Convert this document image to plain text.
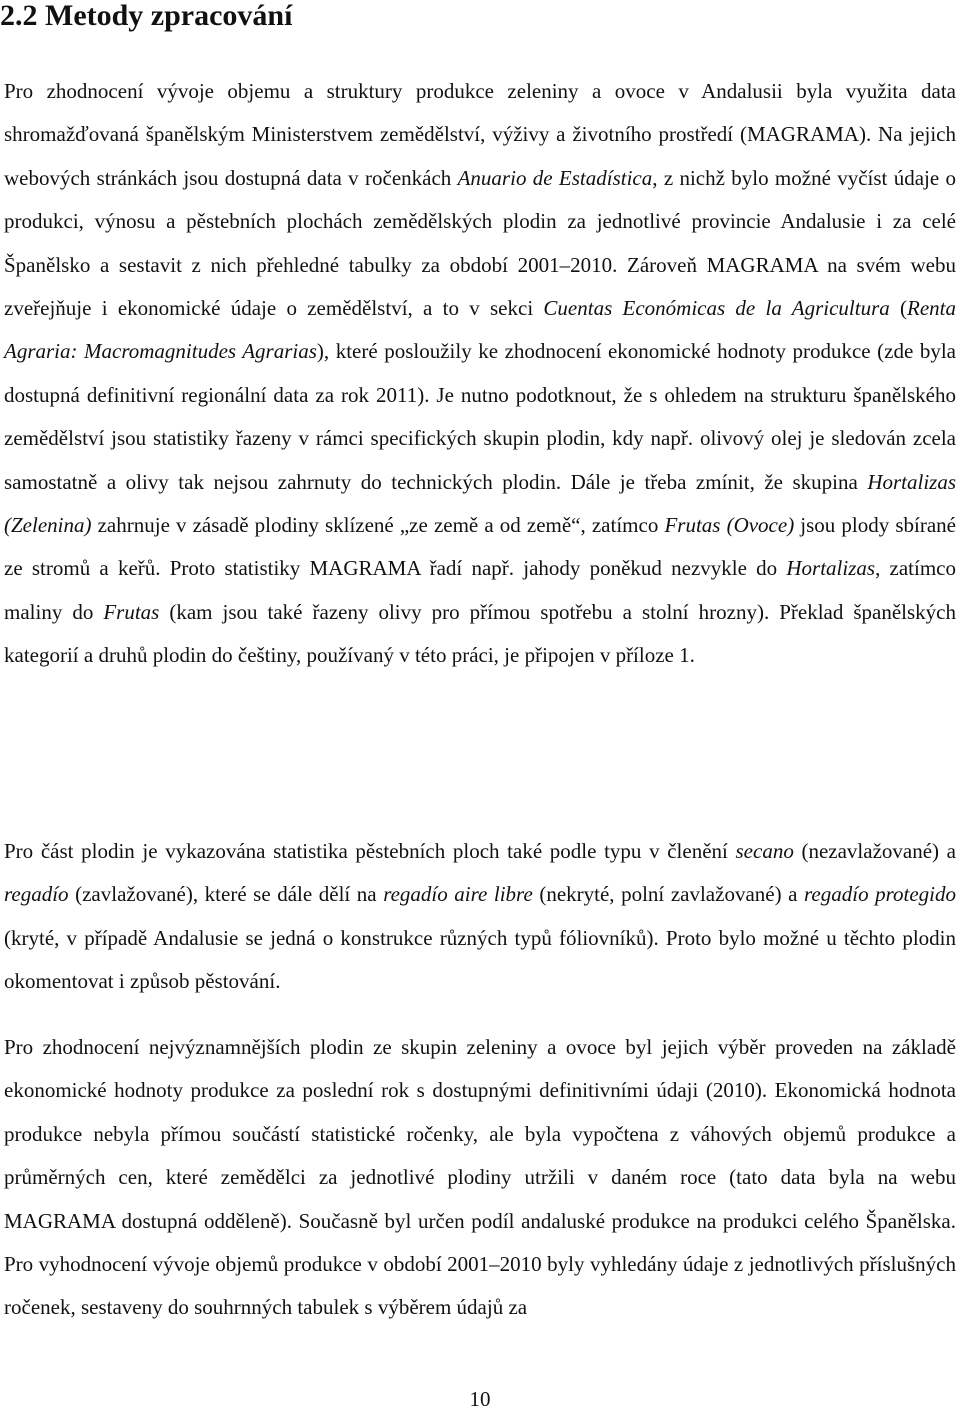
2.2 Metody zpracování

Pro zhodnocení vývoje objemu a struktury produkce zeleniny a ovoce v Andalusii byla využita data shromažďovaná španělským Ministerstvem zemědělství, výživy a životního prostředí (MAGRAMA). Na jejich webových stránkách jsou dostupná data v ročenkách Anuario de Estadística, z nichž bylo možné vyčíst údaje o produkci, výnosu a pěstebních plochách zemědělských plodin za jednotlivé provincie Andalusie i za celé Španělsko a sestavit z nich přehledné tabulky za období 2001–2010. Zároveň MAGRAMA na svém webu zveřejňuje i ekonomické údaje o zemědělství, a to v sekci Cuentas Económicas de la Agricultura (Renta Agraria: Macromagnitudes Agrarias), které posloužily ke zhodnocení ekonomické hodnoty produkce (zde byla dostupná definitivní regionální data za rok 2011). Je nutno podotknout, že s ohledem na strukturu španělského zemědělství jsou statistiky řazeny v rámci specifických skupin plodin, kdy např. olivový olej je sledován zcela samostatně a olivy tak nejsou zahrnuty do technických plodin. Dále je třeba zmínit, že skupina Hortalizas (Zelenina) zahrnuje v zásadě plodiny sklízené „ze země a od země“, zatímco Frutas (Ovoce) jsou plody sbírané ze stromů a keřů. Proto statistiky MAGRAMA řadí např. jahody poněkud nezvykle do Hortalizas, zatímco maliny do Frutas (kam jsou také řazeny olivy pro přímou spotřebu a stolní hrozny). Překlad španělských kategorií a druhů plodin do češtiny, používaný v této práci, je připojen v příloze 1.

Pro část plodin je vykazována statistika pěstebních ploch také podle typu v členění secano (nezavlažované) a regadío (zavlažované), které se dále dělí na regadío aire libre (nekryté, polní zavlažované) a regadío protegido (kryté, v případě Andalusie se jedná o konstrukce různých typů fóliovníků). Proto bylo možné u těchto plodin okomentovat i způsob pěstování.

Pro zhodnocení nejvýznamnějších plodin ze skupin zeleniny a ovoce byl jejich výběr proveden na základě ekonomické hodnoty produkce za poslední rok s dostupnými definitivními údaji (2010). Ekonomická hodnota produkce nebyla přímou součástí statistické ročenky, ale byla vypočtena z váhových objemů produkce a průměrných cen, které zemědělci za jednotlivé plodiny utržili v daném roce (tato data byla na webu MAGRAMA dostupná odděleně). Současně byl určen podíl andaluské produkce na produkci celého Španělska. Pro vyhodnocení vývoje objemů produkce v období 2001–2010 byly vyhledány údaje z jednotlivých příslušných ročenek, sestaveny do souhrnných tabulek s výběrem údajů za

10
